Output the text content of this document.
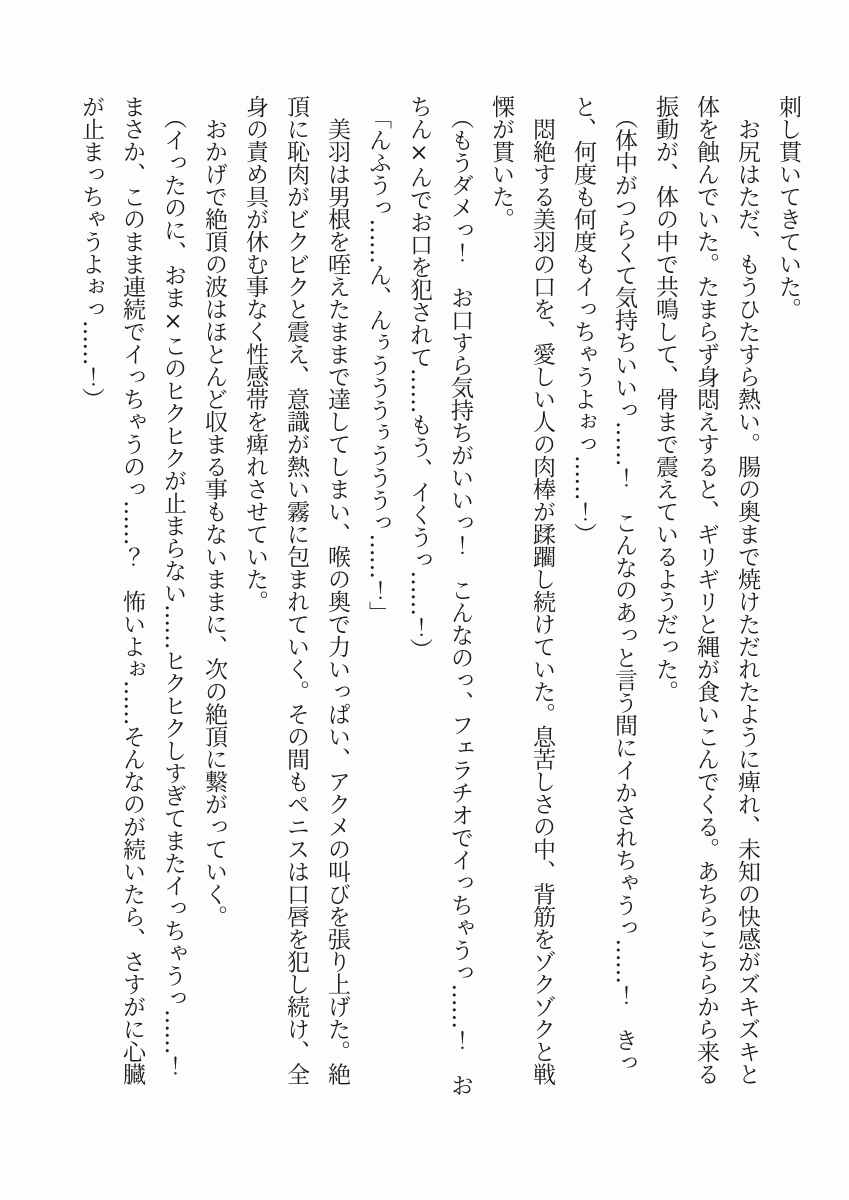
刺し貫いてきていた。
　お尻はただ、もうひたすら熱い。腸の奥まで焼けただれたように痺れ、未知の快感がズキズキと
体を蝕んでいた。たまらず身悶えすると、ギリギリと縄が食いこんでくる。あちらこちらから来る
振動が、体の中で共鳴して、骨まで震えているようだった。
　（体中がつらくて気持ちいいっ……！　こんなのあっと言う間にイかされちゃうっ……！　きっ
と、何度も何度もイっちゃうよぉっ……！）
　悶絶する美羽の口を、愛しい人の肉棒が蹂躙し続けていた。息苦しさの中、背筋をゾクゾクと戦
慄が貫いた。
　（もうダメっ！　お口すら気持ちがいいっ！　こんなのっ、フェラチオでイっちゃうっ……！　お
ちん×んでお口を犯されて……もう、イくうっ……！）
　「んふうっ……ん、んぅうううぅうううっ……！」
　美羽は男根を咥えたままで達してしまい、喉の奥で力いっぱい、アクメの叫びを張り上げた。絶
頂に恥肉がビクビクと震え、意識が熱い霧に包まれていく。その間もペニスは口唇を犯し続け、全
身の責め具が休む事なく性感帯を痺れさせていた。
　おかげで絶頂の波はほとんど収まる事もないままに、次の絶頂に繋がっていく。
　（イったのに、おま×このヒクヒクが止まらない……ヒクヒクしすぎてまたイっちゃうっ……！
まさか、このまま連続でイっちゃうのっ……？　怖いよぉ……そんなのが続いたら、さすがに心臓
が止まっちゃうよぉっ……！）
